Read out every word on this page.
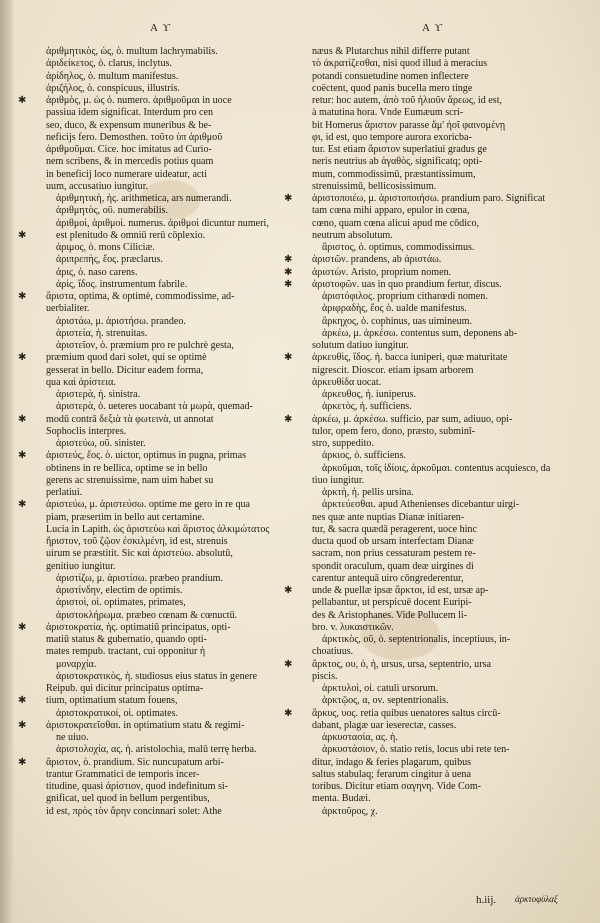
A ϒ	A ϒ
ἀριθμητικὸς, ὡς, ὁ. multum lachrymabilis.
ἀριδείκετος, ὁ. clarus, inclytus.
ἀρίδηλος, ὁ. multum manifestus.
ἀριζήλος, ὁ. conspicuus, illustris.
✱ ἀριθμὸς, μ. ὡς ὁ. numero. ἀριθμοῦμαι in uoce
passiua idem significat. Interdum pro cen
seo, duco, & expensum muneribus & be-
neficijs fero. Demosthen. τοῦτο ὑπ ἀριθμοῦ
ἀριθμοῦμαι. Cice. hoc imitatus ad Curio-
nem scribens, & in mercedis potius quam
in beneficij loco numerare uideatur, acti
uum, accusatiuo iungitur.
ἀριθμητικὴ, ἡς. arithmetica, ars numerandi.
ἀριθμητὸς, οῦ. numerabilis.
ἀριθμοὶ, ἀριθμοὶ. numerus. ἀριθμοὶ dicuntur numeri,
✱	est plenitudo & omniū rerū cōplexio.
ἀριμος, ὁ. mons Ciliciæ.
ἀριπρεπὴς, ἕος. præclarus.
ἀρις, ὁ. naso carens.
ἀρὶς, ἴδος. instrumentum fabrile.
✱ ἄριστα, optima, & optimè, commodissime, ad-
uerbialiter.
ἀριστάω, μ. ἀριστήσω. prandeo.
ἀριστεία, ἡ. strenuitas.
ἀριστεῖον, ὁ. præmium pro re pulchrè gesta,
✱ præmium quod dari solet, qui se optimè
gesserat in bello. Dicitur eadem forma,
qua καὶ ἀρίστεια.
ἀριστερὰ, ἡ. sinistra.
ἀριστερὰ, ὁ. ueteres uocabant τὰ μωρὰ, quemad-
✱ modū contrā δεξιὰ τὰ φωτεινὰ, ut annotat
Sophoclis interpres.
ἀριστεύω, οῦ. sinister.
✱ ἀριστεύς, ἕος. ὁ. uictor, optimus in pugna, primas
obtinens in re bellica, optime se in bello
gerens ac strenuissime, nam uim habet su
perlatiui.
✱ ἀριστεύω, μ. ἀριστεύσω. optime me gero in re qua
piam, præsertim in bello aut certamine.
Lucia in Lapith. ὡς ἀριστεύω καὶ ἄριστος ἀλκιμώτατος
ἤριστον, τοῦ ζῷον ἐσκιλμένη, id est, strenuis
uirum se præstitit. Sic καὶ ἀριστεύω. absolutū,
genitiuo iungitur.
ἀριστίζω, μ. ἀριστίσω. præbeo prandium.
ἀριστίνδην, electim de optimis.
ἀριστοὶ, οἱ. optimates, primates,
ἀριστοκλήρωμα. præbeo cœnam & cœnuctū.
✱ ἀριστοκρατία, ἡς. optimatiū principatus, opti-
matiū status & gubernatio, quando opti-
mates rempub. tractant, cui opponitur ἡ
μοναρχία.
ἀριστοκρατικὸς, ἡ. studiosus eius status in genere
Reipub. qui dicitur principatus optima-
✱ tium, optimatium statum fouens,
ἀριστοκρατικοί, οἱ. optimates.
✱ ἀριστοκρατεῖσθαι. in optimatium statu & regimi-
ne uiuo.
ἀριστολοχία, ας. ἡ. aristolochia, malū terrę herba.
✱ ἄριστον, ὁ. prandium. Sic nuncupatum arbi-
trantur Grammatici de temporis incer-
titudine, quasi ἀρίστιον, quod indefinitum si-
gnificat, uel quod in bellum pergentibus,
id est, πρὸς τὸν ἄρην concinnari solet: Athe
næus & Plutarchus nihil differre putant
τὸ ἀκρατίζεσθαι, nisi quod illud à meracius
potandi consuetudine nomen inflectere
coëctent, quod panis bucella mero tinge
retur: hoc autem, ἀπὸ τοῦ ἠλιοῦν ἄρεως, id est,
à matutina hora. Vnde Eumæum scri-
bit Homerus ἄριστον parasse ἅμ' ἠοῖ φαινομένῃ
φι, id est, quo tempore aurora exoricba-
tur. Est etiam ἄριστον superlatiui gradus ge
neris neutrius ab ἀγαθὸς, significatq; opti-
mum, commodissimū, præstantissimum,
strenuissimū, bellicosissimum.
✱ ἀριστοποιέω, μ. ἀριστοποιήσω. prandium paro. Significat
tam cœna mihi apparo, epulor in cœna,
cœno, quam cœna alicui apud me cōdico,
neutrum absolutum.
ἄριστος, ὁ. optimus, commodissimus.
✱ ἀριστῶν. prandens, ab ἀριστάω.
✱ ἀριστών. Aristo, proprium nomen.
✱ ἀριστοφῶν. uas in quo prandium fertur, discus.
ἀριστόφιλος. proprium citharœdi nomen.
ἀριφραδὴς, ἕος ὁ. ualde manifestus.
ἄρκηχος, ὁ. cophinus, uas uimineum.
ἀρκέω, μ. ἀρκέσω. contentus sum, deponens ab-
solutum datiuo iungitur.
✱ ἀρκευθὶς, ἴδος. ἡ. bacca iuniperi, quæ maturitate
nigrescit. Dioscor. etiam ipsam arborem
ἀρκευθίδα uocat.
ἀρκευθος, ἡ. iuniperus.
ἀρκετὸς, ἡ. sufficiens.
✱ ἀρκέω, μ. ἀρκέσω. sufficio, par sum, adiuuo, opi-
tulor, opem fero, dono, præsto, subminī-
stro, suppedito.
ἀρκιος, ὁ. sufficiens.
ἀρκοῦμαι, τοῖς ἰδίοις, ἀρκοῦμαι. contentus acquiesco, da
tiuo iungitur.
ἀρκτὴ, ἡ. pellis ursina.
ἀρκτεύεσθαι. apud Athenienses dicebantur uirgi-
nes quæ ante nuptias Dianæ initiaren-
tur, & sacra quædā peragerent, uoce hinc
ducta quod ob ursam interfectam Dianæ
sacram, non prius cessaturam pestem re-
spondit oraculum, quam deæ uirgines di
carentur antequā uiro cōngrederentur,
✱ unde & puellæ ipsæ ἄρκτοι, id est, ursæ ap-
pellabantur, ut perspicuē docent Euripi-
des & Aristophanes. Vide Pollucem li-
bro. v. λυκαιστικῶν.
ἀρκτικὸς, οῦ, ὁ. septentrionalis, inceptiuus, in-
choatiuus.
✱ ἄρκτος, ου, ὁ, ἡ, ursus, ursa, septentrio, ursa
piscis.
ἀρκτυλοὶ, οἱ. catuli ursorum.
ἀρκτῷος, α, ον. septentrionalis.
✱ ἄρκυς, υος. retia quibus uenatores saltus circū-
dabant, plagæ uar ieserectæ, casses.
ἀρκυστασία, ας. ἡ.
ἀρκυστάσιον, ὁ. statio retis, locus ubi rete ten-
ditur, indago & feries plagarum, quibus
saltus stabulaq; ferarum cingitur à uena
toribus. Dicitur etiam σαγηνη. Vide Com-
menta. Budæi.
ἀρκτοῦρος, χ.
h.iij. ἀρκτοφύλαξ
